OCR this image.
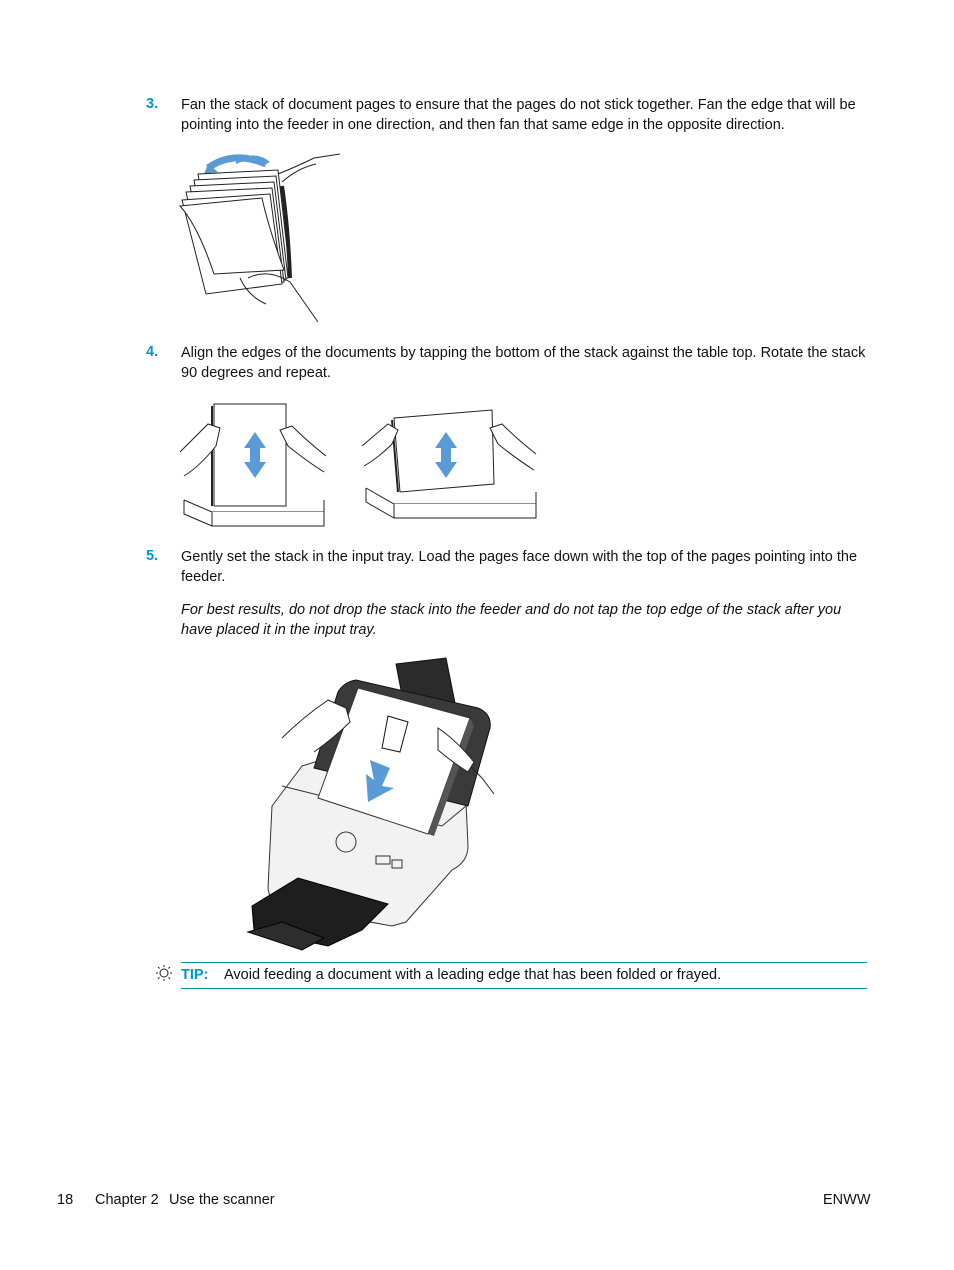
3. Fan the stack of document pages to ensure that the pages do not stick together. Fan the edge that will be pointing into the feeder in one direction, and then fan that same edge in the opposite direction.
4. Align the edges of the documents by tapping the bottom of the stack against the table top. Rotate the stack 90 degrees and repeat.
5. Gently set the stack in the input tray. Load the pages face down with the top of the pages pointing into the feeder.
For best results, do not drop the stack into the feeder and do not tap the top edge of the stack after you have placed it in the input tray.
TIP: Avoid feeding a document with a leading edge that has been folded or frayed.
18 Chapter 2 Use the scanner	ENWW
